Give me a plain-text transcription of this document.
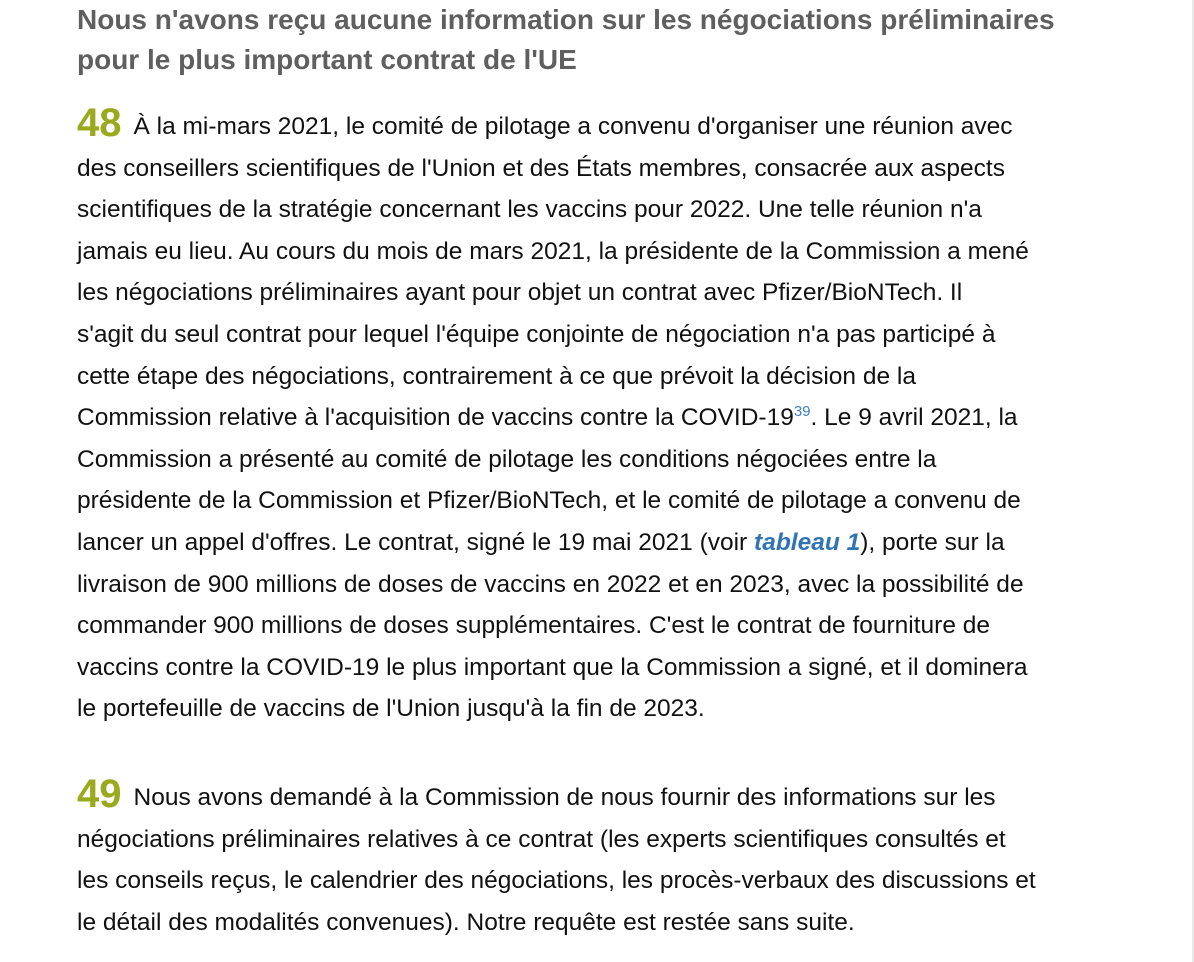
Nous n'avons reçu aucune information sur les négociations préliminaires
pour le plus important contrat de l'UE
48 À la mi-mars 2021, le comité de pilotage a convenu d'organiser une réunion avec
des conseillers scientifiques de l'Union et des États membres, consacrée aux aspects
scientifiques de la stratégie concernant les vaccins pour 2022. Une telle réunion n'a
jamais eu lieu. Au cours du mois de mars 2021, la présidente de la Commission a mené
les négociations préliminaires ayant pour objet un contrat avec Pfizer/BioNTech. Il
s'agit du seul contrat pour lequel l'équipe conjointe de négociation n'a pas participé à
cette étape des négociations, contrairement à ce que prévoit la décision de la
Commission relative à l'acquisition de vaccins contre la COVID-19$^{39}$. Le 9 avril 2021, la
Commission a présenté au comité de pilotage les conditions négociées entre la
présidente de la Commission et Pfizer/BioNTech, et le comité de pilotage a convenu de
lancer un appel d'offres. Le contrat, signé le 19 mai 2021 (voir tableau 1), porte sur la
livraison de 900 millions de doses de vaccins en 2022 et en 2023, avec la possibilité de
commander 900 millions de doses supplémentaires. C'est le contrat de fourniture de
vaccins contre la COVID-19 le plus important que la Commission a signé, et il dominera
le portefeuille de vaccins de l'Union jusqu'à la fin de 2023.
49 Nous avons demandé à la Commission de nous fournir des informations sur les
négociations préliminaires relatives à ce contrat (les experts scientifiques consultés et
les conseils reçus, le calendrier des négociations, les procès-verbaux des discussions et
le détail des modalités convenues). Notre requête est restée sans suite.
